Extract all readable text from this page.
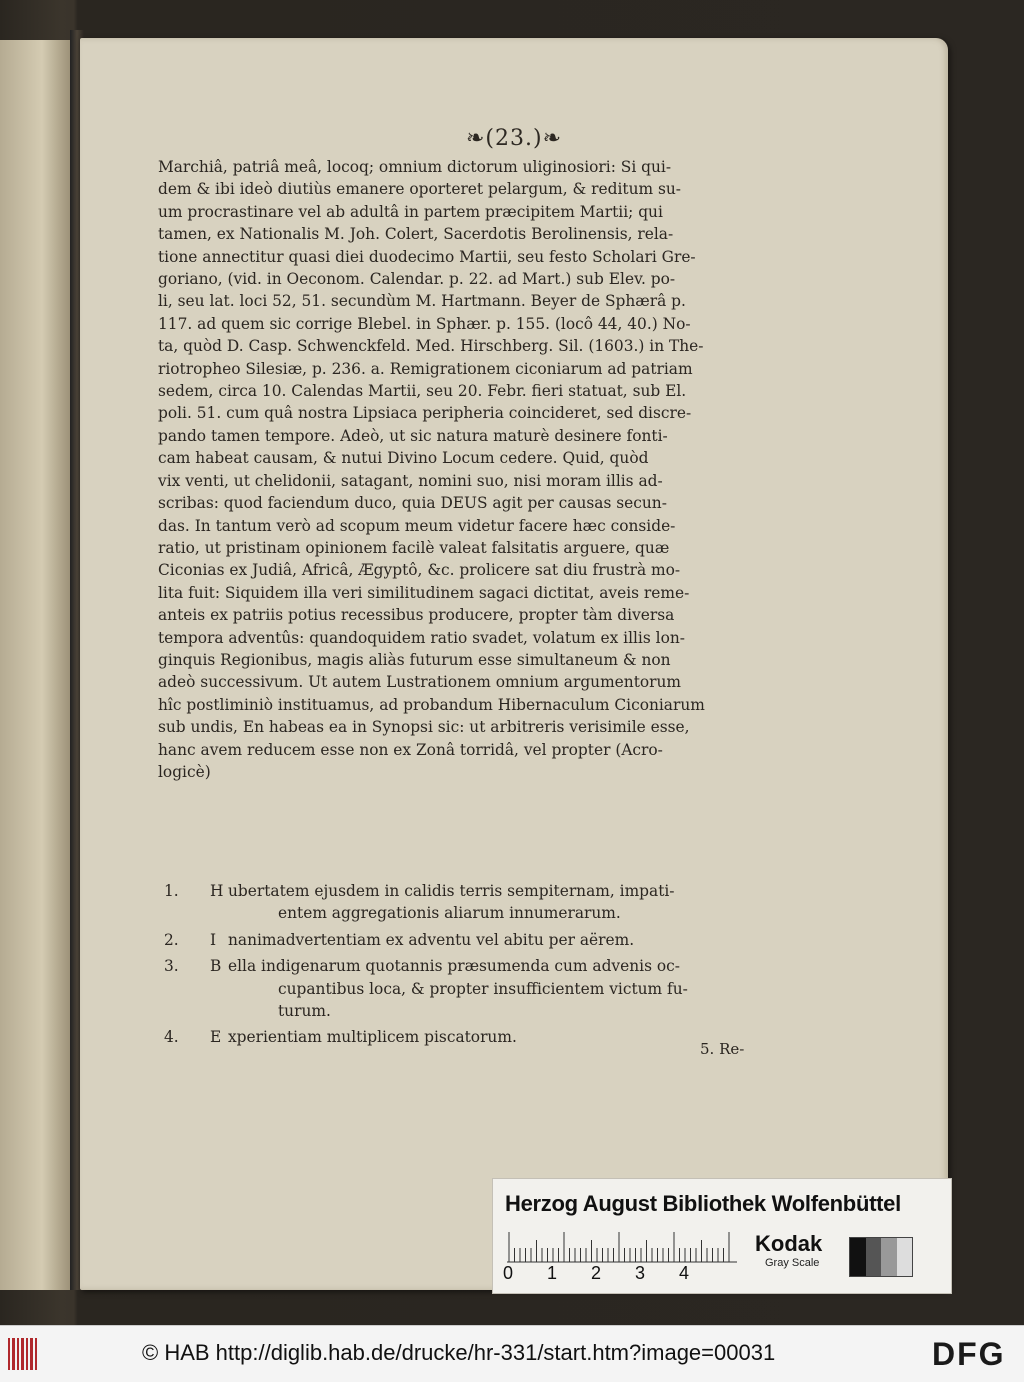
❧(23.)❧
Marchiâ, patriâ meâ, locoq; omnium dictorum uliginosiori: Si qui-
dem & ibi ideò diutiùs emanere oporteret pelargum, & reditum su-
um procrastinare vel ab adultâ in partem præcipitem Martii; qui
tamen, ex Nationalis M. Joh. Colert, Sacerdotis Berolinensis, rela-
tione annectitur quasi diei duodecimo Martii, seu festo Scholari Gre-
goriano, (vid. in Oeconom. Calendar. p. 22. ad Mart.) sub Elev. po-
li, seu lat. loci 52, 51. secundùm M. Hartmann. Beyer de Sphærâ p.
117. ad quem sic corrige Blebel. in Sphær. p. 155. (locô 44, 40.) No-
ta, quòd D. Casp. Schwenckfeld. Med. Hirschberg. Sil. (1603.) in The-
riotropheo Silesiæ, p. 236. a. Remigrationem ciconiarum ad patriam
sedem, circa 10. Calendas Martii, seu 20. Febr. fieri statuat, sub El.
poli. 51. cum quâ nostra Lipsiaca peripheria coincideret, sed discre-
pando tamen tempore. Adeò, ut sic natura maturè desinere fonti-
cam habeat causam, & nutui Divino Locum cedere. Quid, quòd
vix venti, ut chelidonii, satagant, nomini suo, nisi moram illis ad-
scribas: quod faciendum duco, quia DEUS agit per causas secun-
das. In tantum verò ad scopum meum videtur facere hæc conside-
ratio, ut pristinam opinionem facilè valeat falsitatis arguere, quæ
Ciconias ex Judiâ, Africâ, Ægyptô, &c. prolicere sat diu frustrà mo-
lita fuit: Siquidem illa veri similitudinem sagaci dictitat, aveis reme-
anteis ex patriis potius recessibus producere, propter tàm diversa
tempora adventûs: quandoquidem ratio svadet, volatum ex illis lon-
ginquis Regionibus, magis aliàs futurum esse simultaneum & non
adeò successivum. Ut autem Lustrationem omnium argumentorum
hîc postliminiò instituamus, ad probandum Hibernaculum Ciconiarum
sub undis, En habeas ea in Synopsi sic: ut arbitreris verisimile esse,
hanc avem reducem esse non ex Zonâ torridâ, vel propter (Acro-
logicè)
1. H ubertatem ejusdem in calidis terris sempiternam, impati-
entem aggregationis aliarum innumerarum.
2. I nanimadvertentiam ex adventu vel abitu per aërem.
3. B ella indigenarum quotannis præsumenda cum advenis oc-
cupantibus loca, & propter insufficientem victum fu-
turum.
4. E xperientiam multiplicem piscatorum.
5. Re-
Herzog August Bibliothek Wolfenbüttel
0 1 2 3 4
Kodak
Gray Scale
© HAB http://diglib.hab.de/drucke/hr-331/start.htm?image=00031	DFG
